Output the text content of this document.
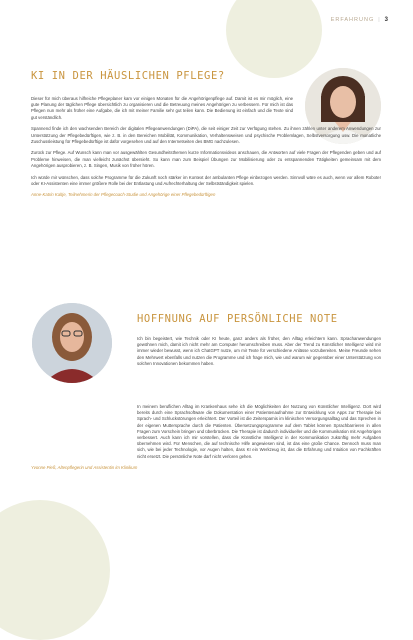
ERFAHRUNG | 3
KI IN DER HÄUSLICHEN PFLEGE?

Dieser für mich überaus hilfreiche Pflegeplaner kam vor einigen Monaten für die Angehörigenpflege auf. Damit ist es mir möglich, eine gute Planung der täglichen Pflege übersichtlich zu organisieren und die Betreuung meines Angehörigen zu verbessern. Für mich ist das Pflegen nun mehr als früher eine Aufgabe, die ich mit meiner Familie sehr gut teilen kann. Die Bedienung ist einfach und die Texte sind gut verständlich.

Spannend finde ich den wachsenden Bereich der digitalen Pflegeanwendungen (DiPA), die seit einiger Zeit zur Verfügung stehen. Zu ihnen zählen unter anderem Anwendungen zur Unterstützung der Pflegebedürftigen, wie z. B. in den Bereichen Mobilität, Kommunikation, Verhaltensweisen und psychische Problemlagen, Selbstversorgung usw. Die monatliche Zuschussleistung für Pflegebedürftige ist dafür vorgesehen und auf den Internetseiten des BMG nachzulesen.

Zurück zur Pflege. Auf Wunsch kann man vor ausgewählten Gesundheitsthemen kurze Informationsvideos anschauen, die Antworten auf viele Fragen der Pflegenden geben und auf Probleme hinweisen, die man vielleicht zunächst übersieht. So kann man zum Beispiel Übungen zur Mobilisierung oder zu entspannenden Tätigkeiten gemeinsam mit dem Angehörigen ausprobieren, z. B. Singen, Musik von früher hören.

Ich würde mir wünschen, dass solche Programme für die Zukunft noch stärker im Kontext der ambulanten Pflege einbezogen werden. Sinnvoll wäre es auch, wenn vor allem Roboter oder KI-Assistenten eine immer größere Rolle bei der Entlastung und Aufrechterhaltung der Selbstständigkeit spielen.

Anne-Katrin Kaltje, Teilnehmerin der Pflegecoach-Studie und Angehörige einer Pflegebedürftigen

HOFFNUNG AUF PERSÖNLICHE NOTE

Ich bin begeistert, wie Technik oder KI heute, ganz anders als früher, den Alltag erleichtern kann. Sprachanwendungen gewöhnen mich, damit ich nicht mehr am Computer herumschreiben muss. Aber der Trend zu Künstlicher Intelligenz wird mir immer wieder bewusst, wenn ich ChatGPT nutze, um mir Texte für verschiedene Anlässe vorzubereiten. Meine Freunde sehen den Mehrwert ebenfalls und nutzen die Programme und ich frage mich, wie und warum wir gegenüber einer Unterstützung von solchen Innovationen bekommen haben.

In meinem beruflichen Alltag im Krankenhaus sehe ich die Möglichkeiten der Nutzung von Künstlicher Intelligenz. Dort wird bereits durch eine Sprachsoftware die Dokumentation einer Patientenaufnahme zur Entwicklung von Apps zur Therapie bei Sprach- und Schluckstörungen erleichtert. Der Vorteil ist die Zeitersparnis im klinischen Versorgungsalltag und das Sprechen in der eigenen Muttersprache durch die Patienten. Übersetzungsprogramme auf dem Tablet können Sprachbarrieren in allen Fragen zum Vorschein bringen und überbrücken. Die Therapie ist dadurch individueller und die Kommunikation mit Angehörigen verbessert. Auch kann ich mir vorstellen, dass die Künstliche Intelligenz in der Kommunikation zukünftig mehr Aufgaben übernehmen wird. Für Menschen, die auf technische Hilfe angewiesen sind, ist das eine große Chance. Dennoch muss man sich, wie bei jeder Technologie, vor Augen halten, dass KI ein Werkzeug ist, das die Erfahrung und Intuition von Fachkräften nicht ersetzt. Die persönliche Note darf nicht verloren gehen.

Yvonne Pieß, Altenpflegerin und Assistentin im Klinikum
